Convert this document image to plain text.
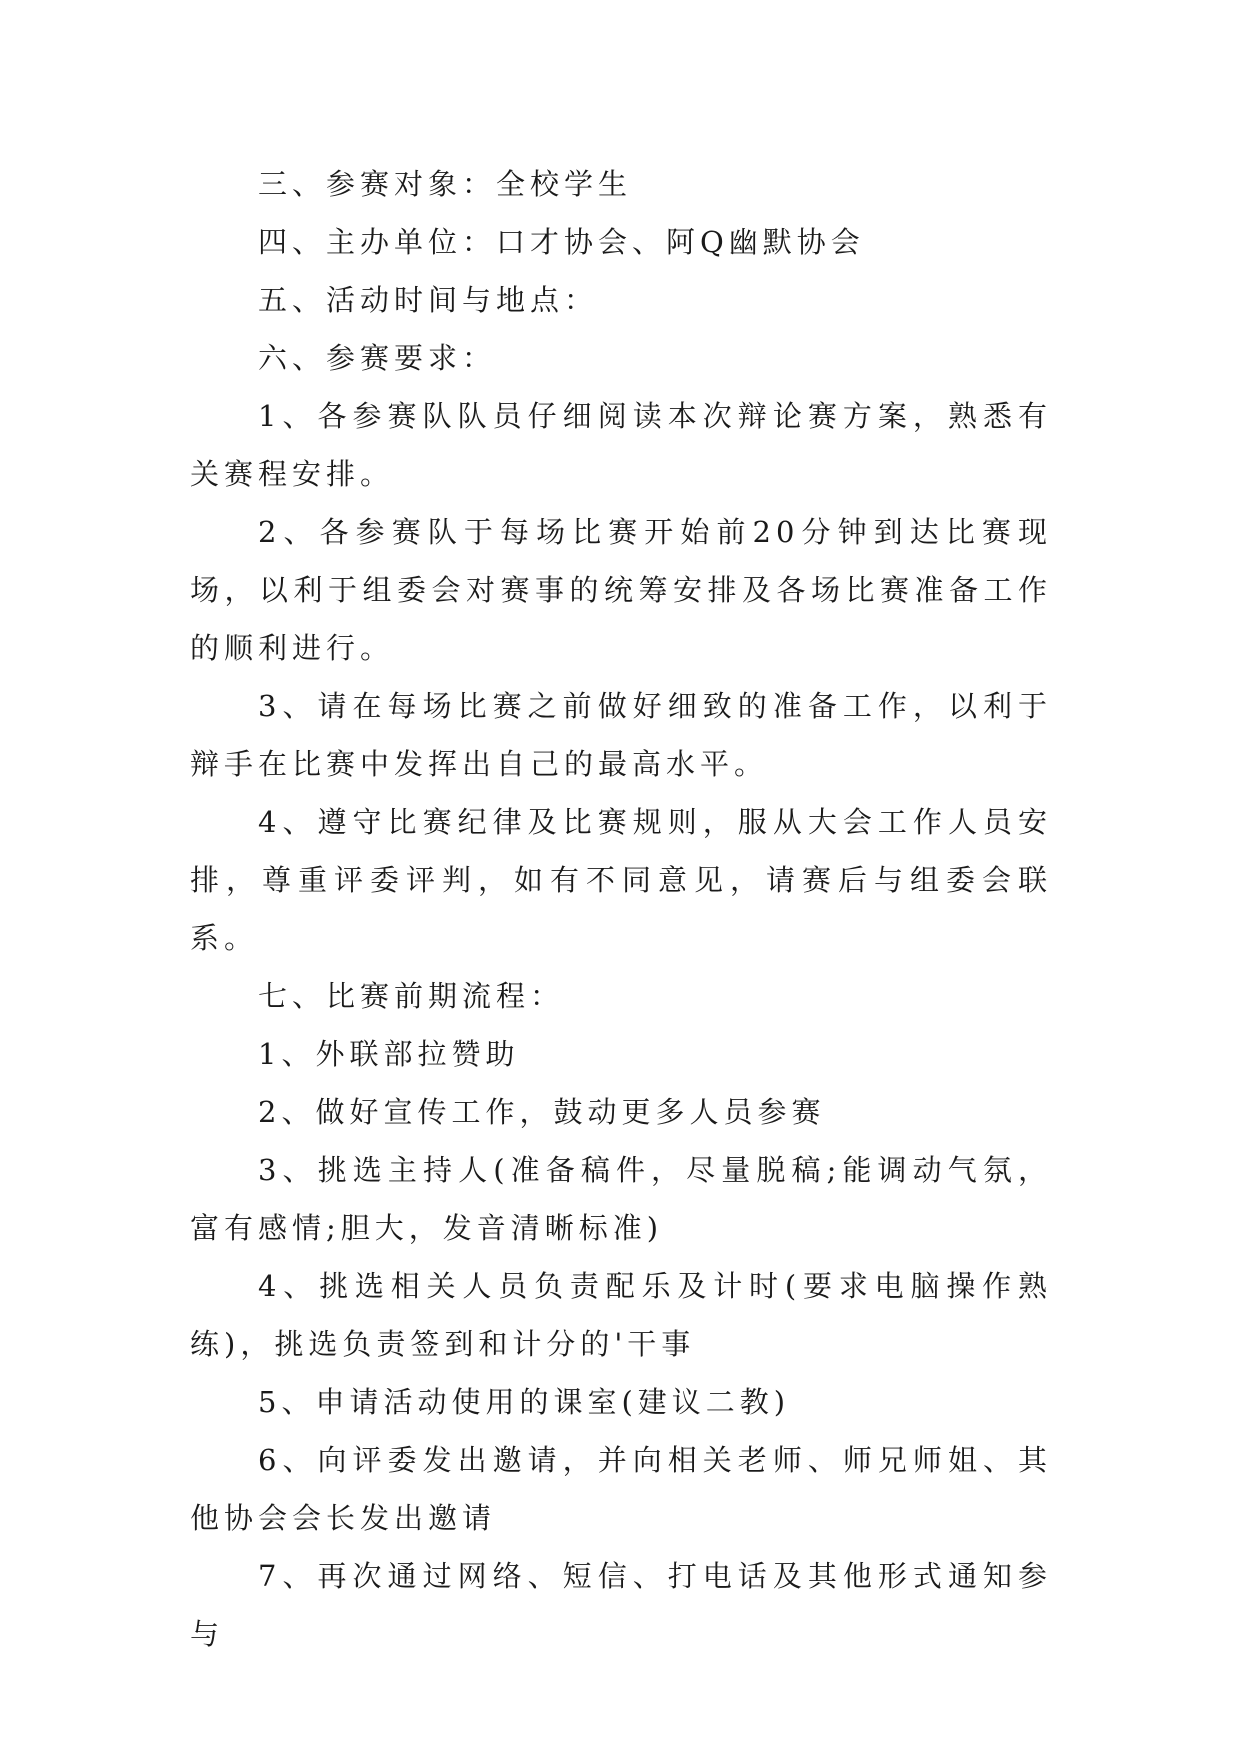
三、参赛对象：全校学生

四、主办单位：口才协会、阿Q幽默协会

五、活动时间与地点：

六、参赛要求：

1、各参赛队队员仔细阅读本次辩论赛方案，熟悉有关赛程安排。

2、各参赛队于每场比赛开始前20分钟到达比赛现场，以利于组委会对赛事的统筹安排及各场比赛准备工作的顺利进行。

3、请在每场比赛之前做好细致的准备工作，以利于辩手在比赛中发挥出自己的最高水平。

4、遵守比赛纪律及比赛规则，服从大会工作人员安排，尊重评委评判，如有不同意见，请赛后与组委会联系。

七、比赛前期流程：

1、外联部拉赞助

2、做好宣传工作，鼓动更多人员参赛

3、挑选主持人(准备稿件，尽量脱稿;能调动气氛，富有感情;胆大，发音清晰标准)

4、挑选相关人员负责配乐及计时(要求电脑操作熟练)，挑选负责签到和计分的'干事

5、申请活动使用的课室(建议二教)

6、向评委发出邀请，并向相关老师、师兄师姐、其他协会会长发出邀请

7、再次通过网络、短信、打电话及其他形式通知参与
